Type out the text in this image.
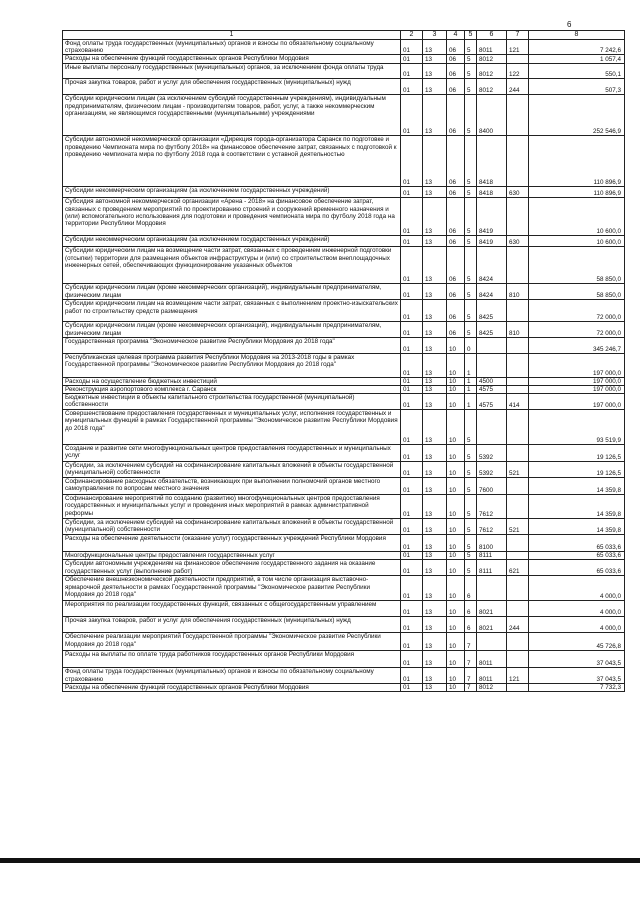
6
1	2	3	4	5	6	7	8
Фонд оплаты труда государственных (муниципальных) органов и взносы по обязательному социальному страхованию	01	13	06	5	8011	121	7 242,6
Расходы на обеспечение функций государственных органов Республики Мордовия	01	13	06	5	8012		1 057,4
Иные выплаты персоналу государственных (муниципальных) органов, за исключением фонда оплаты труда	01	13	06	5	8012	122	550,1
Прочая закупка товаров, работ и услуг для обеспечения государственных (муниципальных) нужд	01	13	06	5	8012	244	507,3
Субсидии юридическим лицам (за исключением субсидий государственным учреждениям), индивидуальным предпринимателям, физическим лицам - производителям товаров, работ, услуг, а также некоммерческим организациям, не являющимся государственными (муниципальными) учреждениями	01	13	06	5	8400		252 546,9
Субсидии автономной некоммерческой организации «Дирекция города-организатора Саранск по подготовке и проведению Чемпионата мира по футболу 2018» на финансовое обеспечение затрат, связанных с подготовкой к проведению чемпионата мира по футболу 2018 года в соответствии с уставной деятельностью	01	13	06	5	8418		110 896,9
Субсидии некоммерческим организациям (за исключением государственных учреждений)	01	13	06	5	8418	630	110 896,9
Субсидия автономной некоммерческой организации «Арена - 2018» на финансовое обеспечение затрат, связанных с проведением мероприятий по проектированию строений и сооружений временного назначения и (или) вспомогательного использования для подготовки и проведения чемпионата мира по футболу 2018 года на территории Республики Мордовия	01	13	06	5	8419		10 600,0
Субсидии некоммерческим организациям (за исключением государственных учреждений)	01	13	06	5	8419	630	10 600,0
Субсидии юридическим лицам на возмещение части затрат, связанных с проведением инженерной подготовки (отсыпки) территории для размещения объектов инфраструктуры и (или) со строительством внеплощадочных инженерных сетей, обеспечивающих функционирование указанных объектов	01	13	06	5	8424		58 850,0
Субсидии юридическим лицам (кроме некоммерческих организаций), индивидуальным предпринимателям, физическим лицам	01	13	06	5	8424	810	58 850,0
Субсидии юридическим лицам на возмещение части затрат, связанных с выполнением проектно-изыскательских работ по строительству средств размещения	01	13	06	5	8425		72 000,0
Субсидии юридическим лицам (кроме некоммерческих организаций), индивидуальным предпринимателям, физическим лицам	01	13	06	5	8425	810	72 000,0
Государственная программа "Экономическое развитие Республики Мордовия до 2018 года"	01	13	10	0			345 246,7
Республиканская целевая программа развития Республики Мордовия на 2013-2018 годы в рамках Государственной программы "Экономическое развитие Республики Мордовия до 2018 года"	01	13	10	1			197 000,0
Расходы на осуществление бюджетных инвестиций	01	13	10	1	4500		197 000,0
Реконструкция аэропортового комплекса г. Саранск	01	13	10	1	4575		197 000,0
Бюджетные инвестиции в объекты капитального строительства государственной (муниципальной) собственности	01	13	10	1	4575	414	197 000,0
Совершенствование предоставления государственных и муниципальных услуг, исполнения государственных и муниципальных функций в рамках Государственной программы "Экономическое развитие Республики Мордовия до 2018 года"	01	13	10	5			93 519,9
Создание и развитие сети многофункциональных центров предоставления государственных и муниципальных услуг	01	13	10	5	5392		19 126,5
Субсидии, за исключением субсидий на софинансирование капитальных вложений в объекты государственной (муниципальной) собственности	01	13	10	5	5392	521	19 126,5
Софинансирование расходных обязательств, возникающих при выполнении полномочий органов местного самоуправления по вопросам местного значения	01	13	10	5	7600		14 359,8
Софинансирование мероприятий по созданию (развитию) многофункциональных центров предоставления государственных и муниципальных услуг и проведения иных мероприятий в рамках административной реформы	01	13	10	5	7612		14 359,8
Субсидии, за исключением субсидий на софинансирование капитальных вложений в объекты государственной (муниципальной) собственности	01	13	10	5	7612	521	14 359,8
Расходы на обеспечение деятельности (оказание услуг) государственных учреждений Республики Мордовия	01	13	10	5	8100		65 033,6
Многофункциональные центры предоставления государственных услуг	01	13	10	5	8111		65 033,6
Субсидии автономным учреждениям на финансовое обеспечение государственного задания на оказание государственных услуг (выполнение работ)	01	13	10	5	8111	621	65 033,6
Обеспечение внешнеэкономической деятельности предприятий, в том числе организация выставочно-ярмарочной деятельности в рамках Государственной программы "Экономическое развитие Республики Мордовия до 2018 года"	01	13	10	6			4 000,0
Мероприятия по реализации государственных функций, связанных с общегосударственным управлением	01	13	10	6	8021		4 000,0
Прочая закупка товаров, работ и услуг для обеспечения государственных (муниципальных) нужд	01	13	10	6	8021	244	4 000,0
Обеспечение реализации мероприятий Государственной программы "Экономическое развитие Республики Мордовия до 2018 года"	01	13	10	7			45 726,8
Расходы на выплаты по оплате труда работников государственных органов Республики Мордовия	01	13	10	7	8011		37 043,5
Фонд оплаты труда государственных (муниципальных) органов и взносы по обязательному социальному страхованию	01	13	10	7	8011	121	37 043,5
Расходы на обеспечение функций государственных органов Республики Мордовия	01	13	10	7	8012		7 732,3
